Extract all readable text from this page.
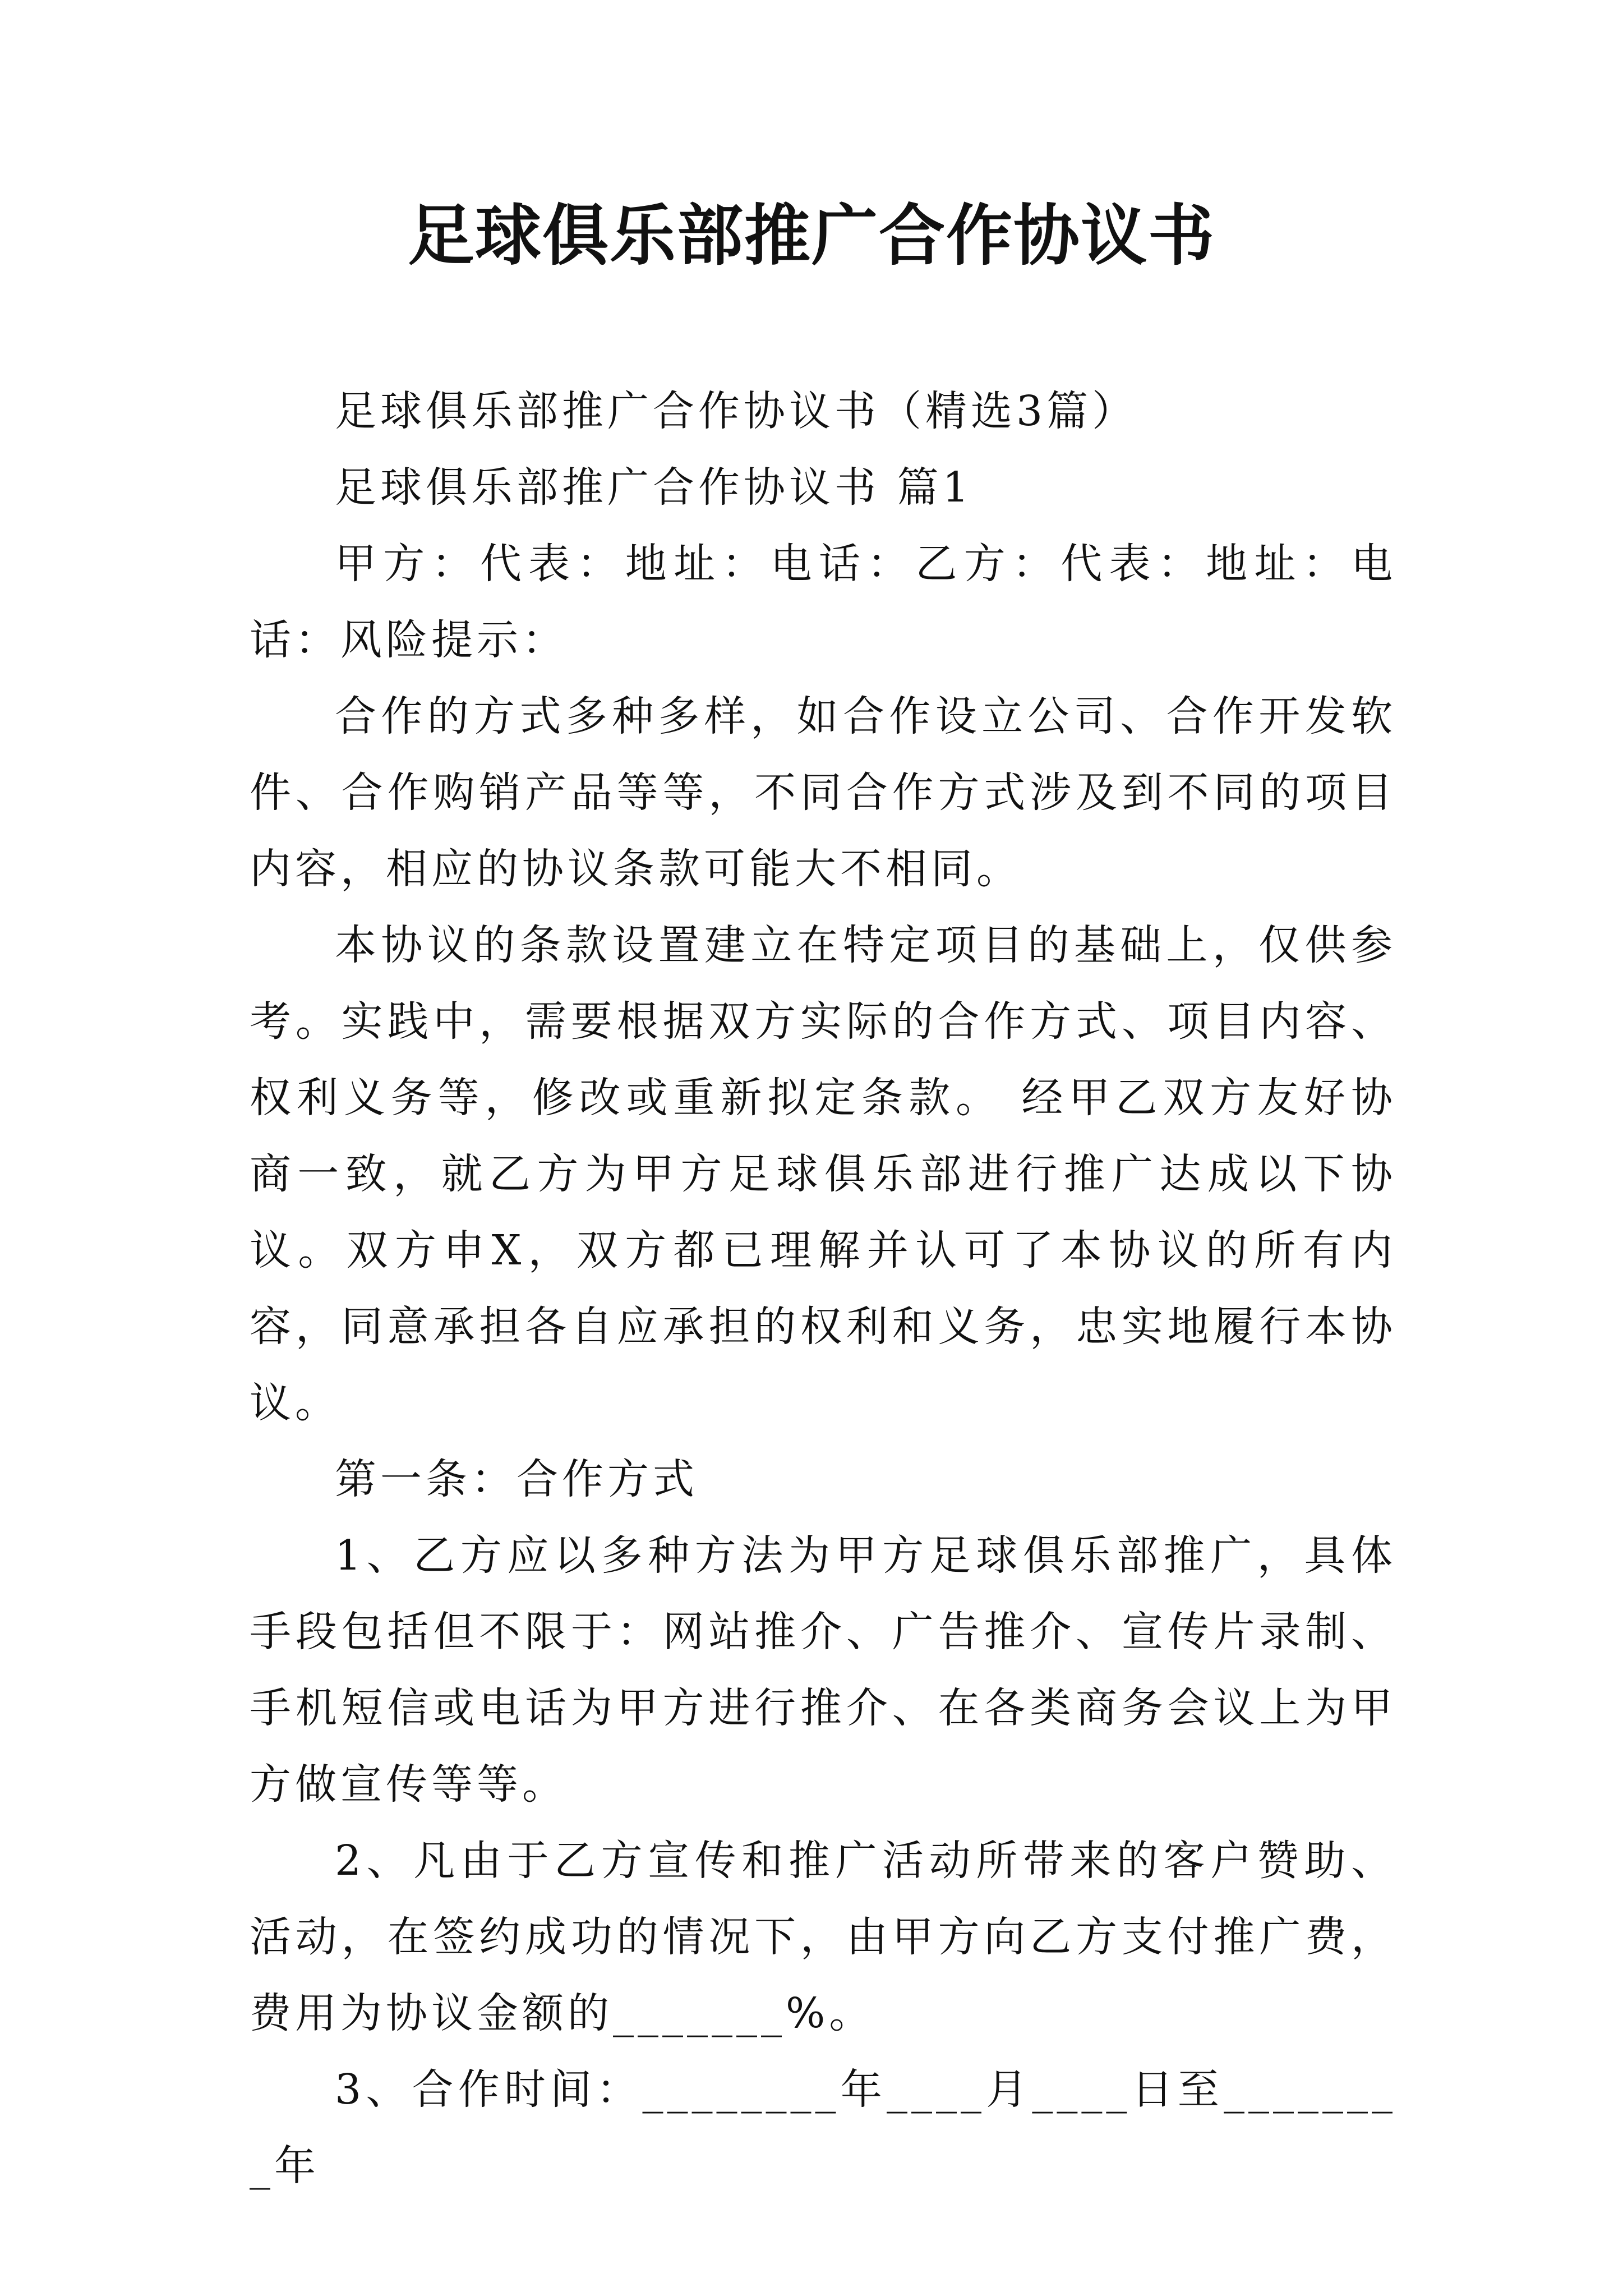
足球俱乐部推广合作协议书

足球俱乐部推广合作协议书（精选3篇）

足球俱乐部推广合作协议书 篇1

甲方：代表：地址：电话：乙方：代表：地址：电话：风险提示：

合作的方式多种多样，如合作设立公司、合作开发软件、合作购销产品等等，不同合作方式涉及到不同的项目内容，相应的协议条款可能大不相同。

本协议的条款设置建立在特定项目的基础上，仅供参考。实践中，需要根据双方实际的合作方式、项目内容、权利义务等，修改或重新拟定条款。 经甲乙双方友好协商一致，就乙方为甲方足球俱乐部进行推广达成以下协议。双方申X，双方都已理解并认可了本协议的所有内容，同意承担各自应承担的权利和义务，忠实地履行本协议。

第一条：合作方式

1、乙方应以多种方法为甲方足球俱乐部推广，具体手段包括但不限于：网站推介、广告推介、宣传片录制、手机短信或电话为甲方进行推介、在各类商务会议上为甲方做宣传等等。

2、凡由于乙方宣传和推广活动所带来的客户赞助、活动，在签约成功的情况下，由甲方向乙方支付推广费，费用为协议金额的_______%。

3、合作时间：________年____月____日至________年
